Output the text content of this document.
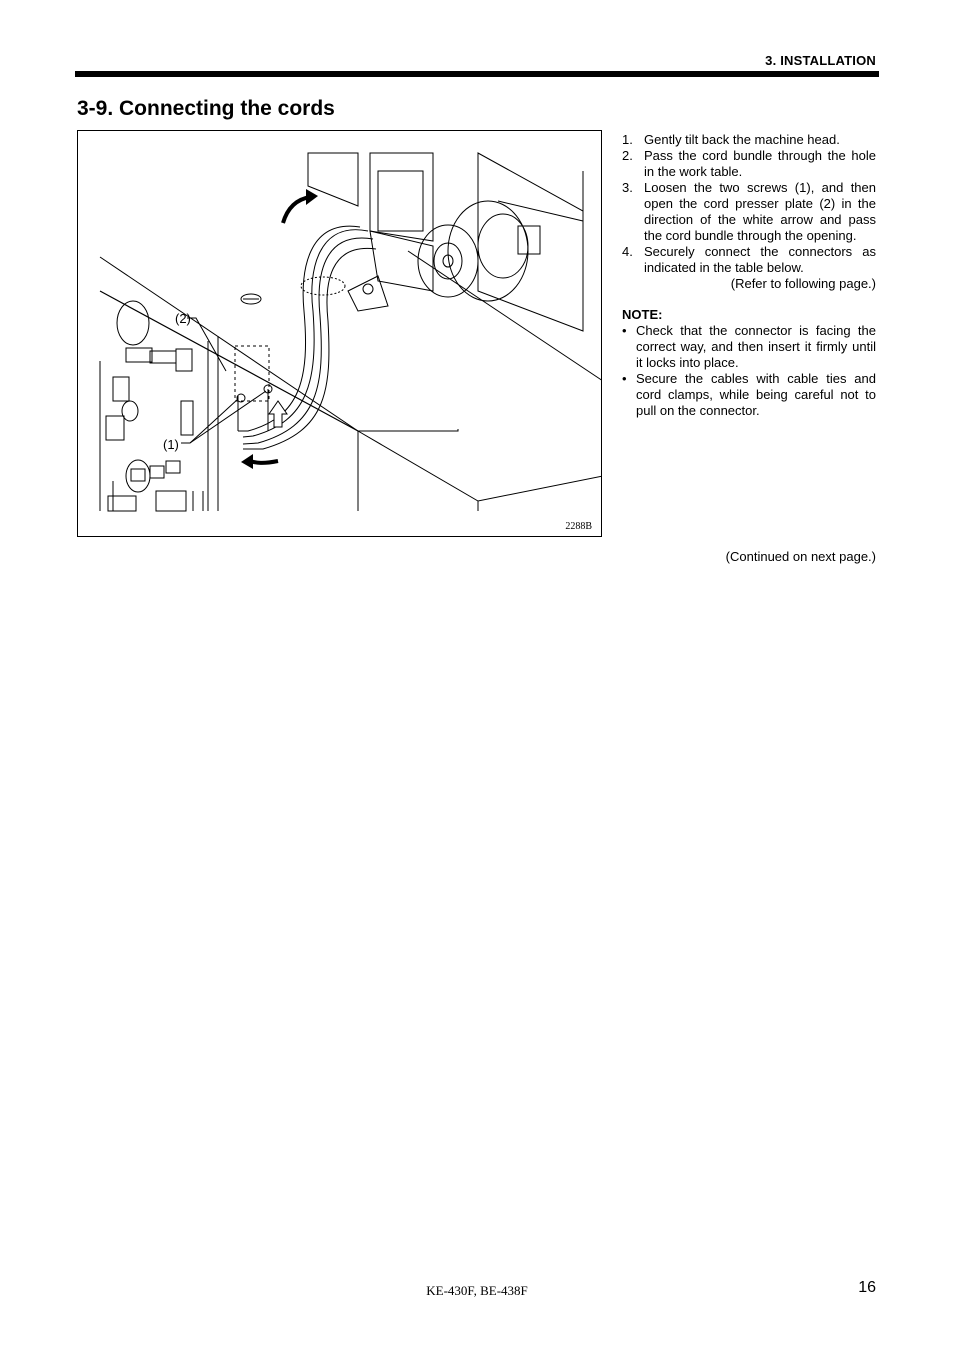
3. INSTALLATION
3-9. Connecting the cords
(2)
(1)
2288B
1. Gently tilt back the machine head.
2. Pass the cord bundle through the hole in the work table.
3. Loosen the two screws (1), and then open the cord presser plate (2) in the direction of the white arrow and pass the cord bundle through the opening.
4. Securely connect the connectors as indicated in the table below.
(Refer to following page.)
NOTE:
• Check that the connector is facing the correct way, and then insert it firmly until it locks into place.
• Secure the cables with cable ties and cord clamps, while being careful not to pull on the connector.
(Continued on next page.)
KE-430F, BE-438F	16
